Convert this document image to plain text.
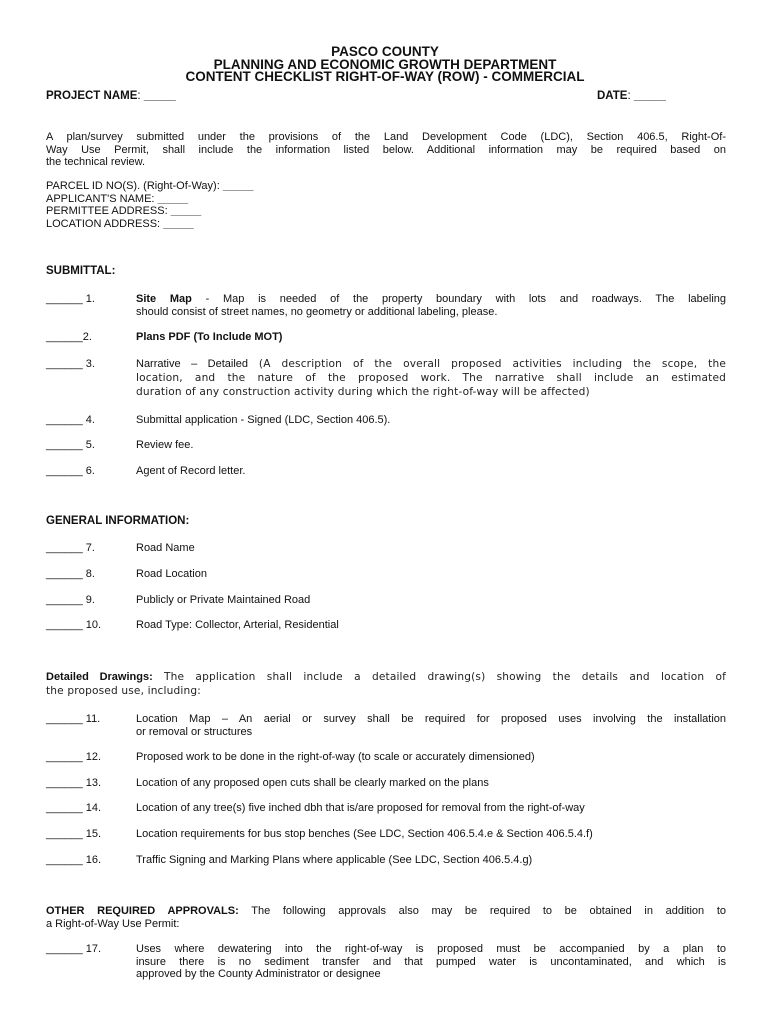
PASCO COUNTY
PLANNING AND ECONOMIC GROWTH DEPARTMENT
CONTENT CHECKLIST RIGHT-OF-WAY (ROW) - COMMERCIAL
PROJECT NAME: _____	DATE: _____
A plan/survey submitted under the provisions of the Land Development Code (LDC), Section 406.5, Right-Of-
Way Use Permit, shall include the information listed below. Additional information may be required based on
the technical review.
PARCEL ID NO(S). (Right-Of-Way): _____
APPLICANT'S NAME: _____
PERMITTEE ADDRESS: _____
LOCATION ADDRESS: _____
SUBMITTAL:
______ 1.	Site Map - Map is needed of the property boundary with lots and roadways. The labeling
should consist of street names, no geometry or additional labeling, please.
______2.	Plans PDF (To Include MOT)
______ 3.	Narrative – Detailed (A description of the overall proposed activities including the scope, the
location, and the nature of the proposed work. The narrative shall include an estimated
duration of any construction activity during which the right-of-way will be affected)
______ 4.	Submittal application - Signed (LDC, Section 406.5).
______ 5.	Review fee.
______ 6.	Agent of Record letter.
GENERAL INFORMATION:
______ 7.	Road Name
______ 8.	Road Location
______ 9.	Publicly or Private Maintained Road
______ 10.	Road Type: Collector, Arterial, Residential
Detailed Drawings: The application shall include a detailed drawing(s) showing the details and location of
the proposed use, including:
______ 11.	Location Map – An aerial or survey shall be required for proposed uses involving the installation
or removal or structures
______ 12.	Proposed work to be done in the right-of-way (to scale or accurately dimensioned)
______ 13.	Location of any proposed open cuts shall be clearly marked on the plans
______ 14.	Location of any tree(s) five inched dbh that is/are proposed for removal from the right-of-way
______ 15.	Location requirements for bus stop benches (See LDC, Section 406.5.4.e & Section 406.5.4.f)
______ 16.	Traffic Signing and Marking Plans where applicable (See LDC, Section 406.5.4.g)
OTHER REQUIRED APPROVALS: The following approvals also may be required to be obtained in addition to
a Right-of-Way Use Permit:
______ 17.	Uses where dewatering into the right-of-way is proposed must be accompanied by a plan to
insure there is no sediment transfer and that pumped water is uncontaminated, and which is
approved by the County Administrator or designee
